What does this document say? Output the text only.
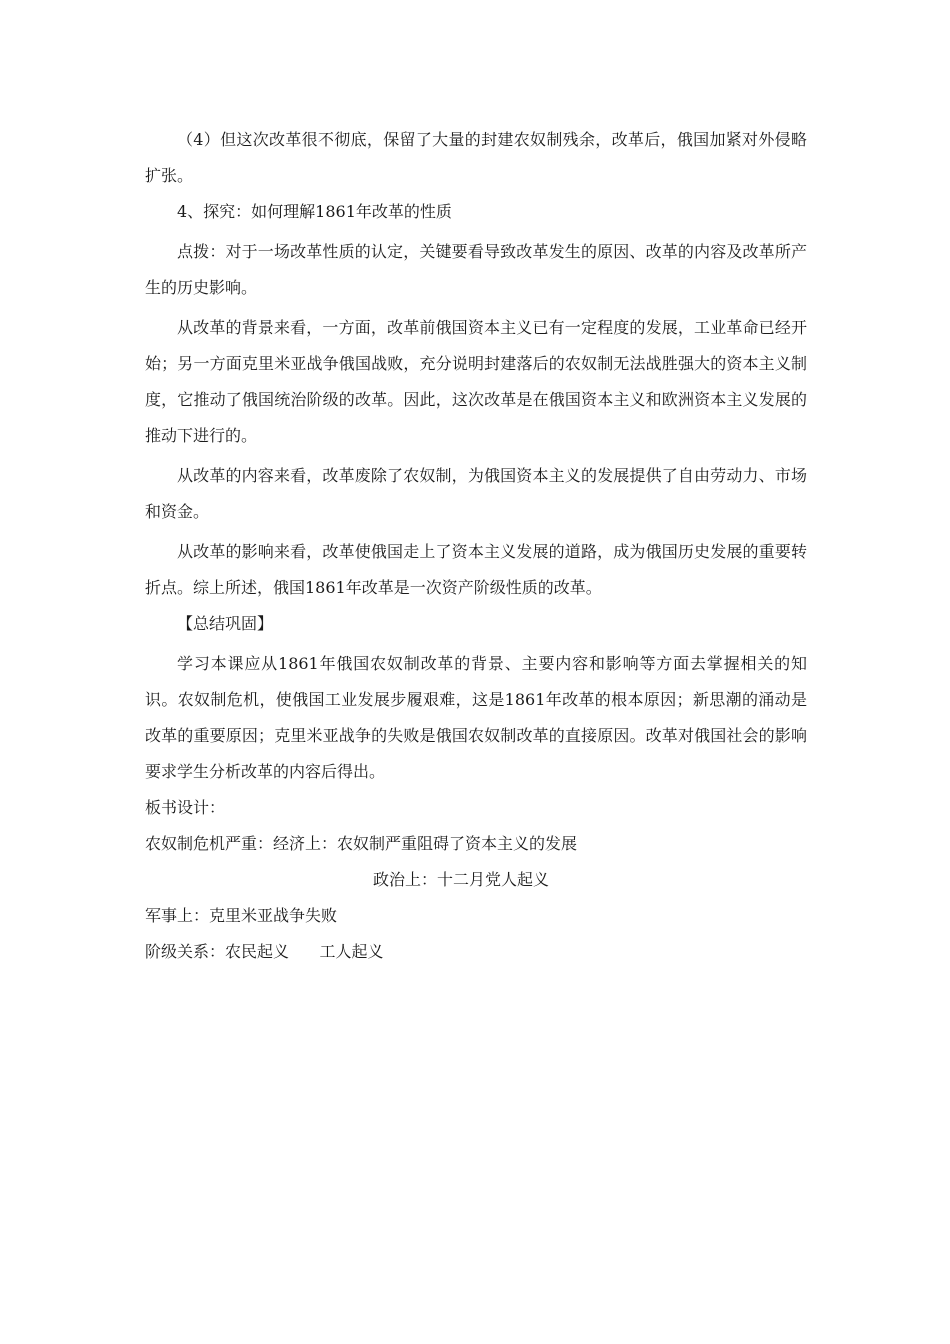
（4）但这次改革很不彻底，保留了大量的封建农奴制残余，改革后，俄国加紧对外侵略扩张。

4、探究：如何理解1861年改革的性质

点拨：对于一场改革性质的认定，关键要看导致改革发生的原因、改革的内容及改革所产生的历史影响。

从改革的背景来看，一方面，改革前俄国资本主义已有一定程度的发展，工业革命已经开始；另一方面克里米亚战争俄国战败，充分说明封建落后的农奴制无法战胜强大的资本主义制度，它推动了俄国统治阶级的改革。因此，这次改革是在俄国资本主义和欧洲资本主义发展的推动下进行的。

从改革的内容来看，改革废除了农奴制，为俄国资本主义的发展提供了自由劳动力、市场和资金。

从改革的影响来看，改革使俄国走上了资本主义发展的道路，成为俄国历史发展的重要转折点。综上所述，俄国1861年改革是一次资产阶级性质的改革。

【总结巩固】

学习本课应从1861年俄国农奴制改革的背景、主要内容和影响等方面去掌握相关的知识。农奴制危机，使俄国工业发展步履艰难，这是1861年改革的根本原因；新思潮的涌动是改革的重要原因；克里米亚战争的失败是俄国农奴制改革的直接原因。改革对俄国社会的影响要求学生分析改革的内容后得出。

板书设计：

农奴制危机严重：经济上：农奴制严重阻碍了资本主义的发展

政治上：十二月党人起义

军事上：克里米亚战争失败

阶级关系：农民起义      工人起义
